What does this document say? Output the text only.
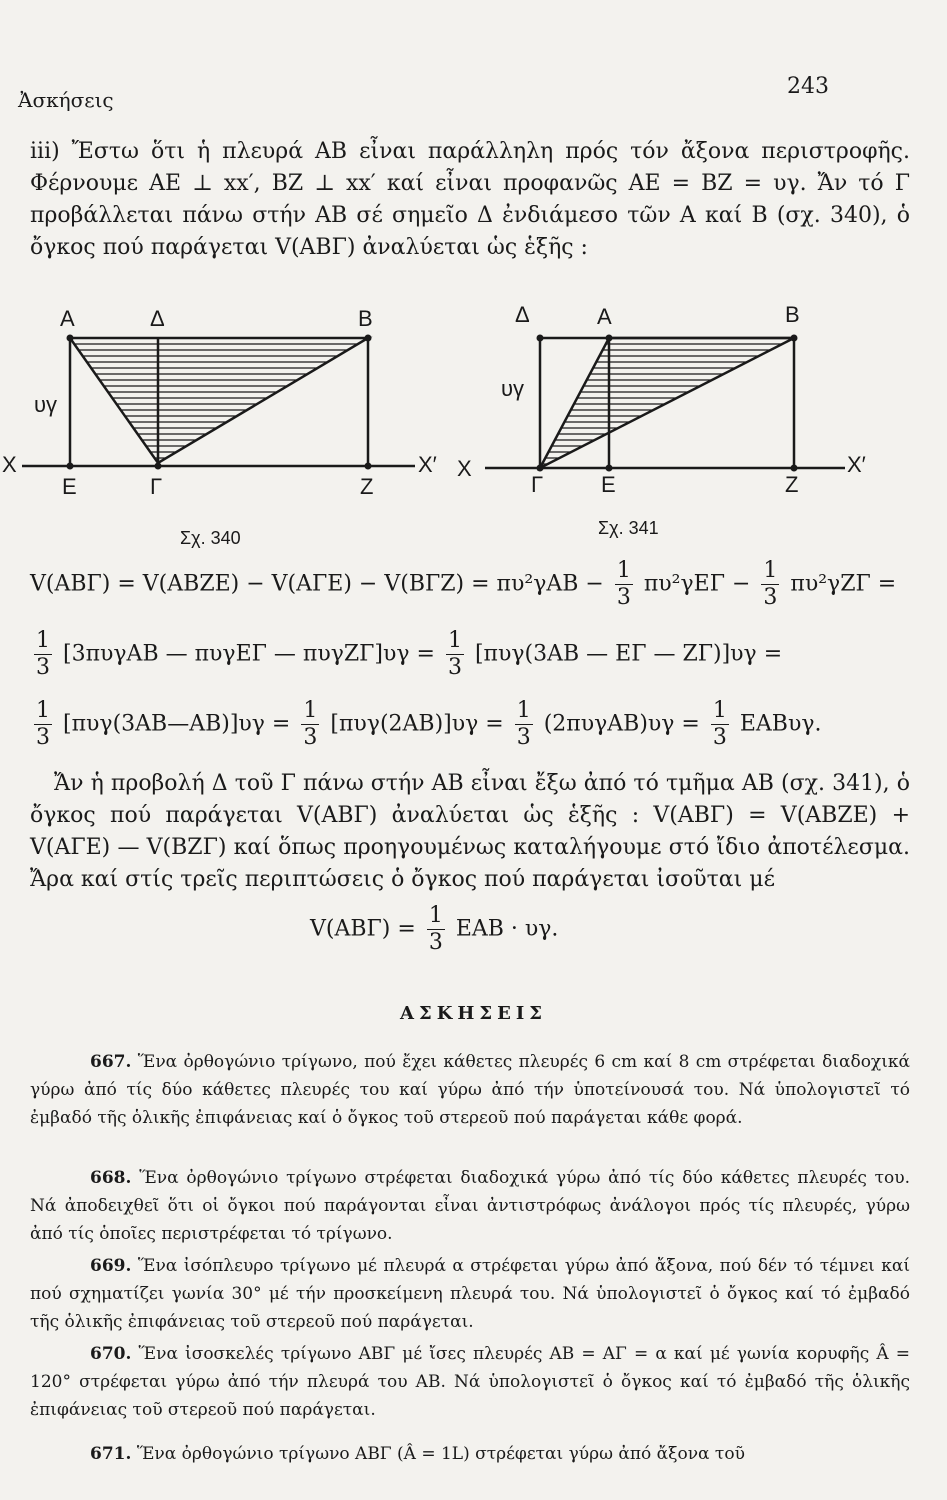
Ἀσκήσεις
243

iii) Ἔστω ὅτι ἡ πλευρά ΑΒ εἶναι παράλληλη πρός τόν ἄξονα περιστροφῆς. Φέρνουμε ΑΕ ⊥ xx′, ΒΖ ⊥ xx′ καί εἶναι προφανῶς ΑΕ = ΒΖ = υγ. Ἄν τό Γ προβάλλεται πάνω στήν ΑΒ σέ σημεῖο Δ ἐνδιάμεσο τῶν Α καί Β (σχ. 340), ὁ ὄγκος πού παράγεται V(ΑΒΓ) ἀναλύεται ὡς ἑξῆς :

Α	Δ	Β
υγ
Χ
Ε	Γ	Ζ
Χ′
Σχ. 340
Δ	Α	Β
υγ
Χ
Γ	Ε	Ζ
Χ′
Σχ. 341
$V(AB\Gamma) = V(ABZE) - V(A\Gamma E) - V(B\Gamma Z) = \pi\upsilon^2\gamma AB - \frac{1}{3} \pi\upsilon^2\gamma E\Gamma - \frac{1}{3} \pi\upsilon^2\gamma Z\Gamma$ =
$\frac{1}{3} [3\pi\upsilon\gamma AB$ — πυγΕΓ — $\pi\upsilon\gamma Z\Gamma]\upsilon\gamma = \frac{1}{3} [\pi\upsilon\gamma(3AB$ — ΕΓ — ΖΓ)]υγ =
$\frac{1}{3}$ [πυγ(3ΑΒ—ΑΒ)]υγ = $\frac{1}{3} [\pi\upsilon\gamma(2AB)]\upsilon\gamma = \frac{1}{3} (2\pi\upsilon\gamma AB)\upsilon\gamma = \frac{1}{3} EAB\upsilon\gamma$.

Ἄν ἡ προβολή Δ τοῦ Γ πάνω στήν ΑΒ εἶναι ἔξω ἀπό τό τμῆμα ΑΒ (σχ. 341), ὁ ὄγκος πού παράγεται V(ΑΒΓ) ἀναλύεται ὡς ἑξῆς : V(ΑΒΓ) = V(ΑΒΖΕ) + V(ΑΓΕ) — V(ΒΖΓ) καί ὅπως προηγουμένως καταλήγουμε στό ἴδιο ἀποτέλεσμα. Ἄρα καί στίς τρεῖς περιπτώσεις ὁ ὄγκος πού παράγεται ἰσοῦται μέ

$V(AB\Gamma) = \frac{1}{3}$ ΕΑΒ · υγ.
ΑΣΚΗΣΕΙΣ

667. Ἕνα ὀρθογώνιο τρίγωνο, πού ἔχει κάθετες πλευρές 6 cm καί 8 cm στρέφεται διαδοχικά γύρω ἀπό τίς δύο κάθετες πλευρές του καί γύρω ἀπό τήν ὑποτείνουσά του. Νά ὑπολογιστεῖ τό ἐμβαδό τῆς ὁλικῆς ἐπιφάνειας καί ὁ ὄγκος τοῦ στερεοῦ πού παράγεται κάθε φορά.

668. Ἕνα ὀρθογώνιο τρίγωνο στρέφεται διαδοχικά γύρω ἀπό τίς δύο κάθετες πλευρές του. Νά ἀποδειχθεῖ ὅτι οἱ ὄγκοι πού παράγονται εἶναι ἀντιστρόφως ἀνάλογοι πρός τίς πλευρές, γύρω ἀπό τίς ὁποῖες περιστρέφεται τό τρίγωνο.

669. Ἕνα ἰσόπλευρο τρίγωνο μέ πλευρά α στρέφεται γύρω ἀπό ἄξονα, πού δέν τό τέμνει καί πού σχηματίζει γωνία 30° μέ τήν προσκείμενη πλευρά του. Νά ὑπολογιστεῖ ὁ ὄγκος καί τό ἐμβαδό τῆς ὁλικῆς ἐπιφάνειας τοῦ στερεοῦ πού παράγεται.

670. Ἕνα ἰσοσκελές τρίγωνο ΑΒΓ μέ ἴσες πλευρές ΑΒ = ΑΓ = α καί μέ γωνία κορυφῆς Â = 120° στρέφεται γύρω ἀπό τήν πλευρά του ΑΒ. Νά ὑπολογιστεῖ ὁ ὄγκος καί τό ἐμβαδό τῆς ὁλικῆς ἐπιφάνειας τοῦ στερεοῦ πού παράγεται.

671. Ἕνα ὀρθογώνιο τρίγωνο ΑΒΓ (Â = 1L) στρέφεται γύρω ἀπό ἄξονα τοῦ
